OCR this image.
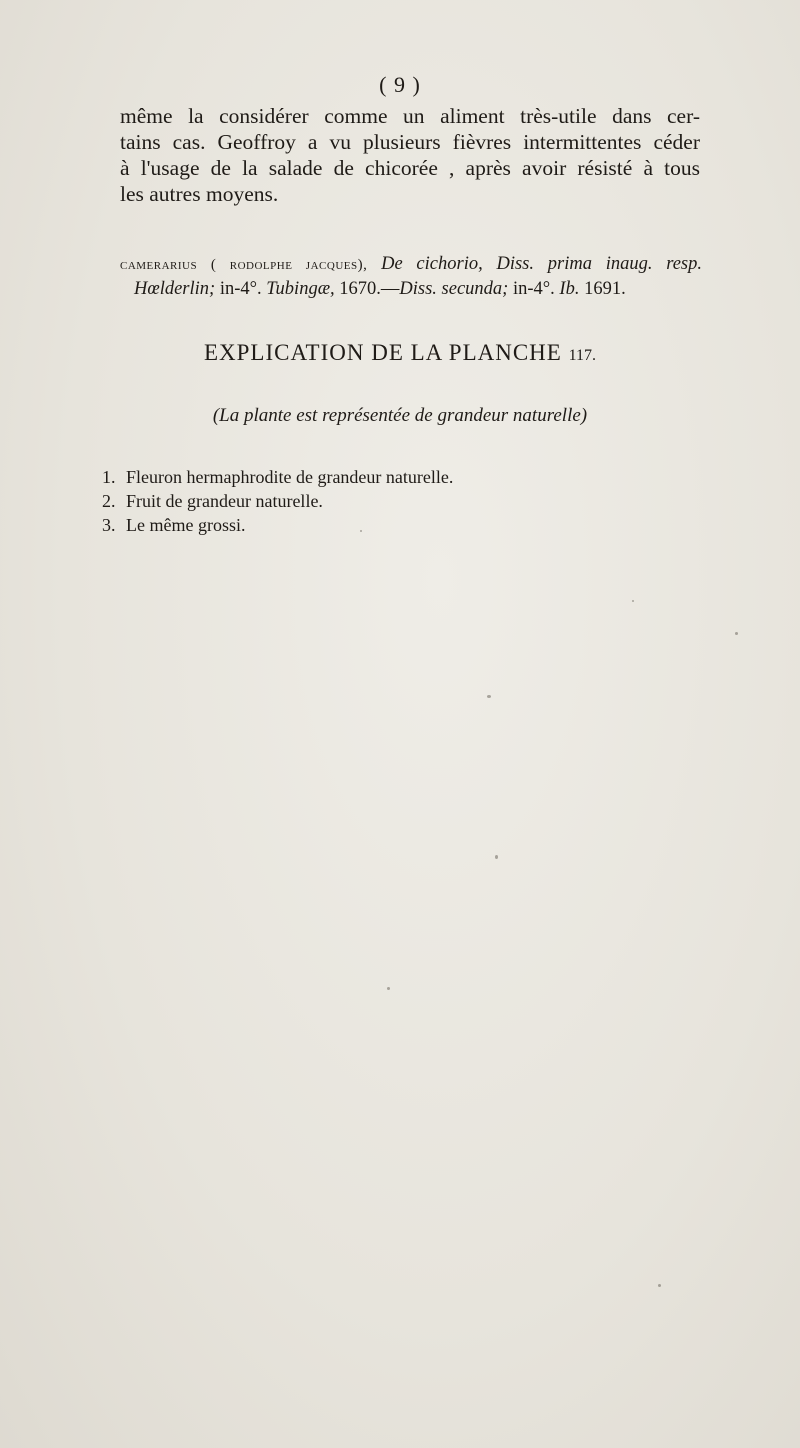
( 9 )
même la considérer comme un aliment très-utile dans cer-
tains cas. Geoffroy a vu plusieurs fièvres intermittentes céder
à l'usage de la salade de chicorée , après avoir résisté à tous
les autres moyens.
camerarius ( rodolphe jacques), De cichorio, Diss. prima inaug. resp.
Hœlderlin; in-4°. Tubingæ, 1670.—Diss. secunda; in-4°. Ib. 1691.
EXPLICATION DE LA PLANCHE 117.
(La plante est représentée de grandeur naturelle)
1. Fleuron hermaphrodite de grandeur naturelle.
2. Fruit de grandeur naturelle.
3. Le même grossi.
